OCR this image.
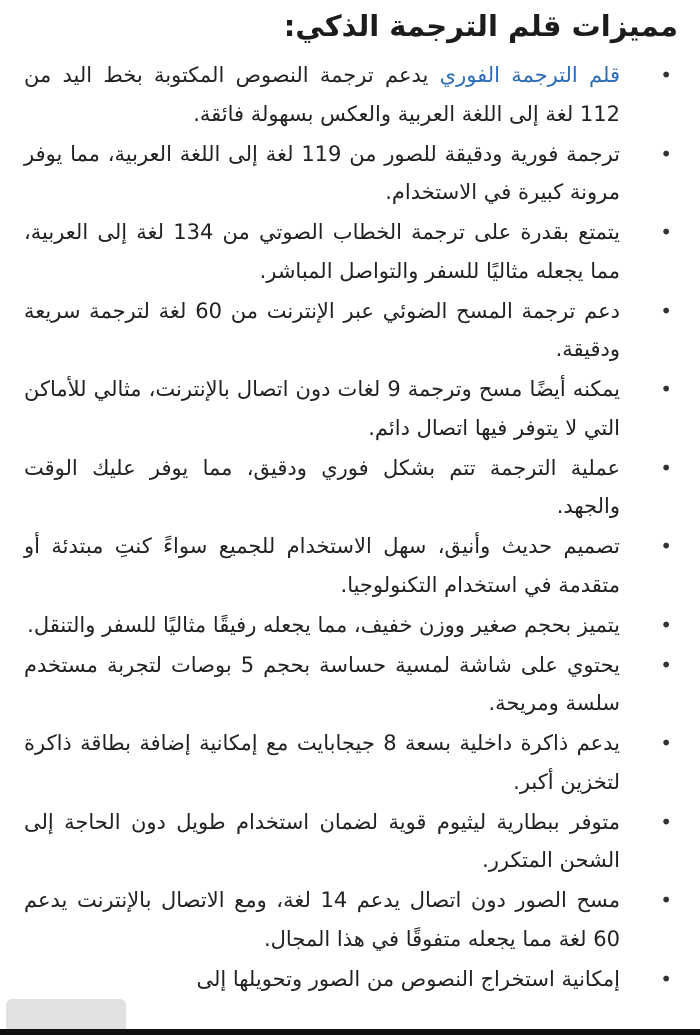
مميزات قلم الترجمة الذكي:
•
قلم الترجمة الفوري يدعم ترجمة النصوص المكتوبة بخط اليد من 112 لغة إلى اللغة العربية والعكس بسهولة فائقة.
•
ترجمة فورية ودقيقة للصور من 119 لغة إلى اللغة العربية، مما يوفر مرونة كبيرة في الاستخدام.
•
يتمتع بقدرة على ترجمة الخطاب الصوتي من 134 لغة إلى العربية، مما يجعله مثاليًا للسفر والتواصل المباشر.
•
دعم ترجمة المسح الضوئي عبر الإنترنت من 60 لغة لترجمة سريعة ودقيقة.
•
يمكنه أيضًا مسح وترجمة 9 لغات دون اتصال بالإنترنت، مثالي للأماكن التي لا يتوفر فيها اتصال دائم.
•
عملية الترجمة تتم بشكل فوري ودقيق، مما يوفر عليك الوقت والجهد.
•
تصميم حديث وأنيق، سهل الاستخدام للجميع سواءً كنتِ مبتدئة أو متقدمة في استخدام التكنولوجيا.
•
يتميز بحجم صغير ووزن خفيف، مما يجعله رفيقًا مثاليًا للسفر والتنقل.
•
يحتوي على شاشة لمسية حساسة بحجم 5 بوصات لتجربة مستخدم سلسة ومريحة.
•
يدعم ذاكرة داخلية بسعة 8 جيجابايت مع إمكانية إضافة بطاقة ذاكرة لتخزين أكبر.
•
متوفر ببطارية ليثيوم قوية لضمان استخدام طويل دون الحاجة إلى الشحن المتكرر.
•
مسح الصور دون اتصال يدعم 14 لغة، ومع الاتصال بالإنترنت يدعم 60 لغة مما يجعله متفوقًا في هذا المجال.
•
إمكانية استخراج النصوص من الصور وتحويلها إلى
